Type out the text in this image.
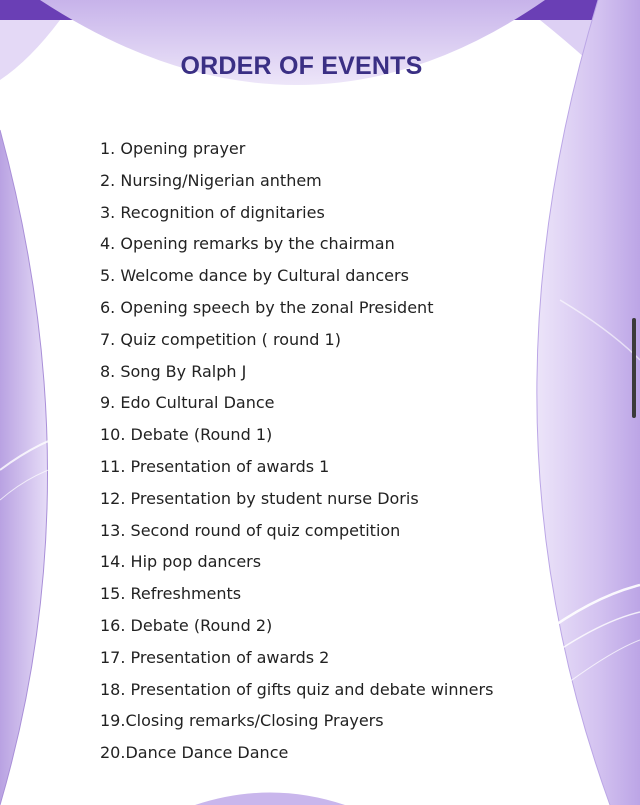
ORDER OF EVENTS
1. Opening prayer
2. Nursing/Nigerian anthem
3. Recognition of dignitaries
4. Opening remarks by the chairman
5. Welcome dance by Cultural dancers
6. Opening speech by the zonal President
7. Quiz competition ( round 1)
8. Song By Ralph J
9. Edo Cultural Dance
10. Debate (Round 1)
11. Presentation of awards 1
12. Presentation by student nurse Doris
13. Second round of quiz competition
14. Hip pop dancers
15. Refreshments
16. Debate (Round 2)
17. Presentation of awards 2
18. Presentation of gifts quiz and debate winners
19.Closing remarks/Closing Prayers
20.Dance Dance Dance
